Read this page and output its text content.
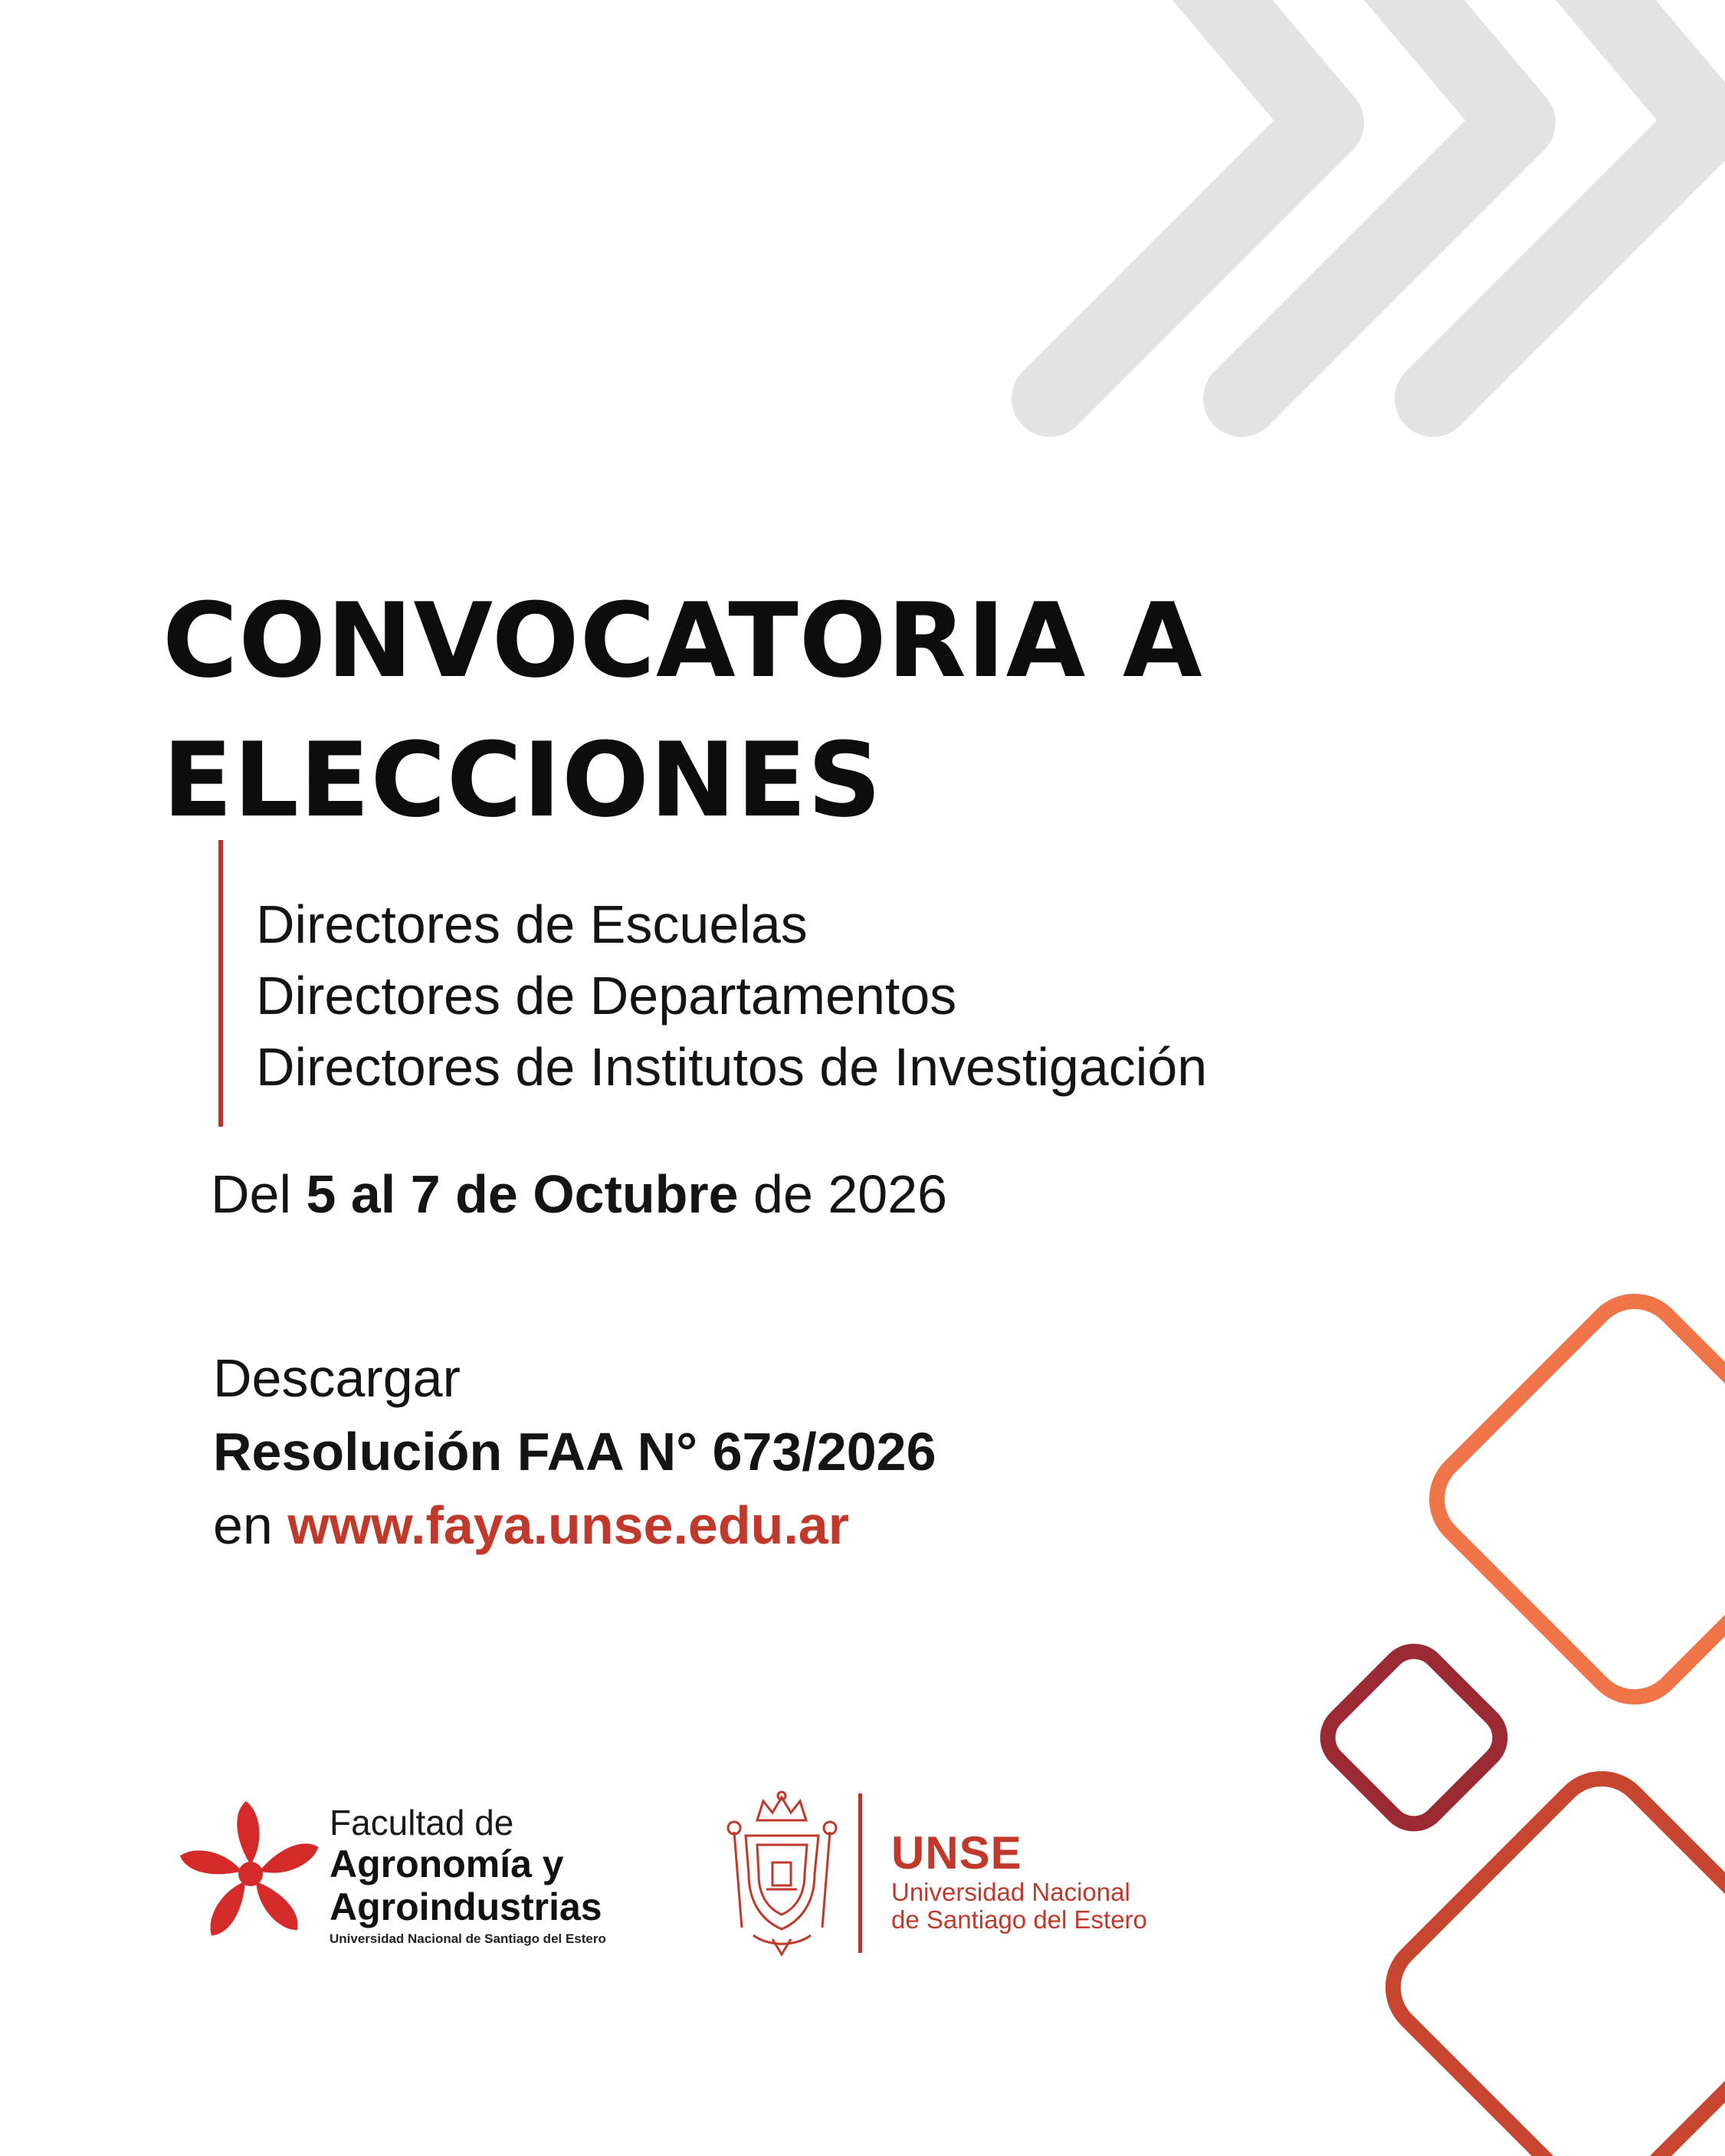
CONVOCATORIA A
ELECCIONES
Directores de Escuelas
Directores de Departamentos
Directores de Institutos de Investigación
Del 5 al 7 de Octubre de 2026
Descargar
Resolución FAA N° 673/2026
en www.faya.unse.edu.ar
Facultad de
Agronomía y
Agroindustrias
Universidad Nacional de Santiago del Estero
UNSE
Universidad Nacional
de Santiago del Estero
